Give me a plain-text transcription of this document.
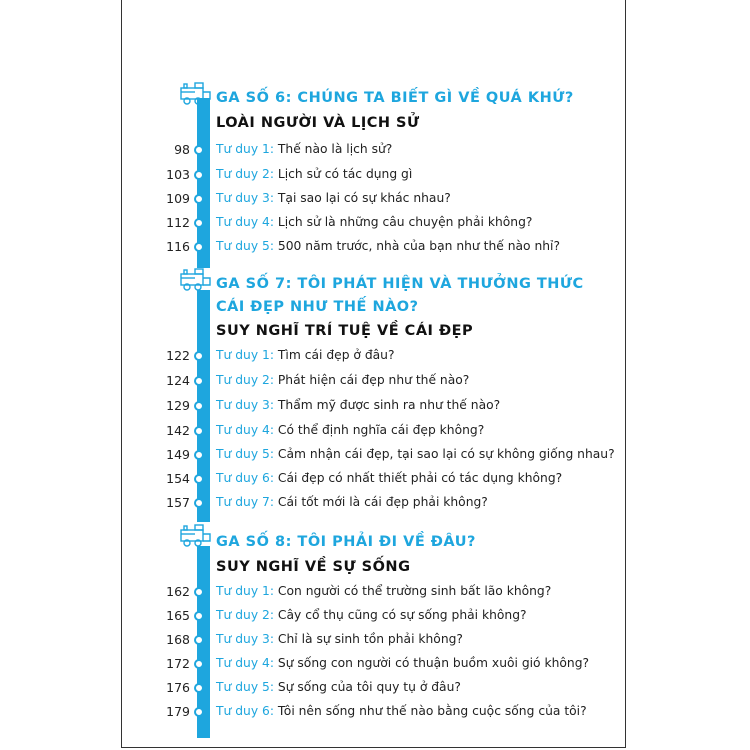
GA SỐ 6: CHÚNG TA BIẾT GÌ VỀ QUÁ KHỨ?
LOÀI NGƯỜI VÀ LỊCH SỬ
98 Tư duy 1: Thế nào là lịch sử?
103 Tư duy 2: Lịch sử có tác dụng gì
109 Tư duy 3: Tại sao lại có sự khác nhau?
112 Tư duy 4: Lịch sử là những câu chuyện phải không?
116 Tư duy 5: 500 năm trước, nhà của bạn như thế nào nhỉ?
GA SỐ 7: TÔI PHÁT HIỆN VÀ THƯỞNG THỨC
CÁI ĐẸP NHƯ THẾ NÀO?
SUY NGHĨ TRÍ TUỆ VỀ CÁI ĐẸP
122 Tư duy 1: Tìm cái đẹp ở đâu?
124 Tư duy 2: Phát hiện cái đẹp như thế nào?
129 Tư duy 3: Thẩm mỹ được sinh ra như thế nào?
142 Tư duy 4: Có thể định nghĩa cái đẹp không?
149 Tư duy 5: Cảm nhận cái đẹp, tại sao lại có sự không giống nhau?
154 Tư duy 6: Cái đẹp có nhất thiết phải có tác dụng không?
157 Tư duy 7: Cái tốt mới là cái đẹp phải không?
GA SỐ 8: TÔI PHẢI ĐI VỀ ĐÂU?
SUY NGHĨ VỀ SỰ SỐNG
162 Tư duy 1: Con người có thể trường sinh bất lão không?
165 Tư duy 2: Cây cổ thụ cũng có sự sống phải không?
168 Tư duy 3: Chỉ là sự sinh tồn phải không?
172 Tư duy 4: Sự sống con người có thuận buồm xuôi gió không?
176 Tư duy 5: Sự sống của tôi quy tụ ở đâu?
179 Tư duy 6: Tôi nên sống như thế nào bằng cuộc sống của tôi?
